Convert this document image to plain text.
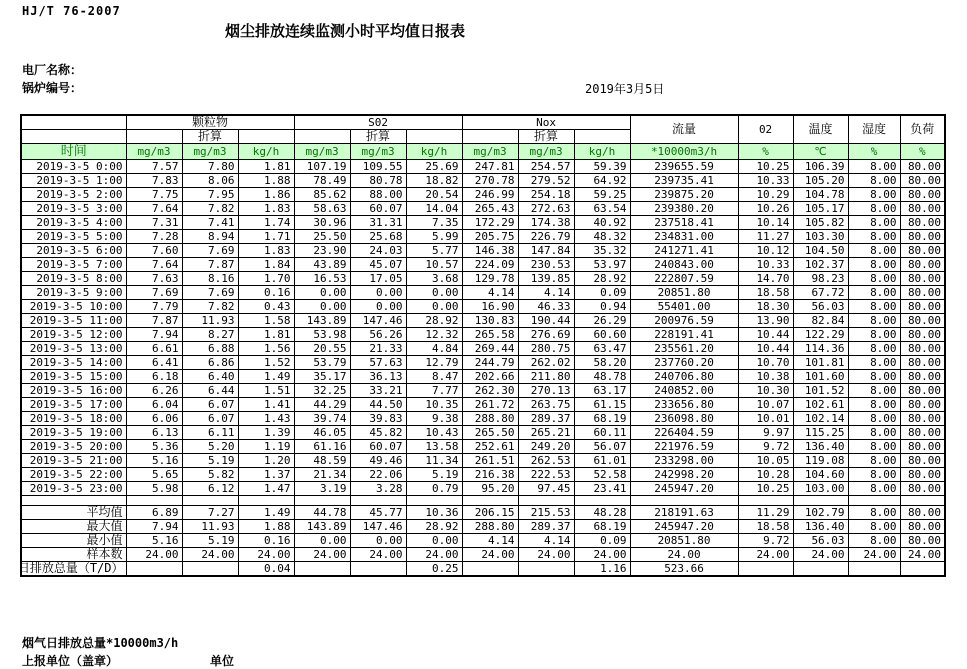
HJ/T 76-2007
烟尘排放连续监测小时平均值日报表
电厂名称：
锅炉编号：	2019年3月5日
	颗粒物			S02			Nox			流量	02	温度	湿度	负荷
		折算			折算			折算						
时间	mg/m3	mg/m3	kg/h	mg/m3	mg/m3	kg/h	mg/m3	mg/m3	kg/h	*10000m3/h	%	℃	%	%
2019-3-5 0:00	7.57	7.80	1.81	107.19	109.55	25.69	247.81	254.57	59.39	239655.59	10.25	106.39	8.00	80.00
2019-3-5 1:00	7.83	8.06	1.88	78.49	80.78	18.82	270.78	279.52	64.92	239735.41	10.33	105.20	8.00	80.00
2019-3-5 2:00	7.75	7.95	1.86	85.62	88.00	20.54	246.99	254.18	59.25	239875.20	10.29	104.78	8.00	80.00
2019-3-5 3:00	7.64	7.82	1.83	58.63	60.07	14.04	265.43	272.63	63.54	239380.20	10.26	105.17	8.00	80.00
2019-3-5 4:00	7.31	7.41	1.74	30.96	31.31	7.35	172.29	174.38	40.92	237518.41	10.14	105.82	8.00	80.00
2019-3-5 5:00	7.28	8.94	1.71	25.50	25.68	5.99	205.75	226.79	48.32	234831.00	11.27	103.30	8.00	80.00
2019-3-5 6:00	7.60	7.69	1.83	23.90	24.03	5.77	146.38	147.84	35.32	241271.41	10.12	104.50	8.00	80.00
2019-3-5 7:00	7.64	7.87	1.84	43.89	45.07	10.57	224.09	230.53	53.97	240843.00	10.33	102.37	8.00	80.00
2019-3-5 8:00	7.63	8.16	1.70	16.53	17.05	3.68	129.78	139.85	28.92	222807.59	14.70	98.23	8.00	80.00
2019-3-5 9:00	7.69	7.69	0.16	0.00	0.00	0.00	4.14	4.14	0.09	20851.80	18.58	67.72	8.00	80.00
2019-3-5 10:00	7.79	7.82	0.43	0.00	0.00	0.00	16.90	46.33	0.94	55401.00	18.30	56.03	8.00	80.00
2019-3-5 11:00	7.87	11.93	1.58	143.89	147.46	28.92	130.83	190.44	26.29	200976.59	13.90	82.84	8.00	80.00
2019-3-5 12:00	7.94	8.27	1.81	53.98	56.26	12.32	265.58	276.69	60.60	228191.41	10.44	122.29	8.00	80.00
2019-3-5 13:00	6.61	6.88	1.56	20.55	21.33	4.84	269.44	280.75	63.47	235561.20	10.44	114.36	8.00	80.00
2019-3-5 14:00	6.41	6.86	1.52	53.79	57.63	12.79	244.79	262.02	58.20	237760.20	10.70	101.81	8.00	80.00
2019-3-5 15:00	6.18	6.40	1.49	35.17	36.13	8.47	202.66	211.80	48.78	240706.80	10.38	101.60	8.00	80.00
2019-3-5 16:00	6.26	6.44	1.51	32.25	33.21	7.77	262.30	270.13	63.17	240852.00	10.30	101.52	8.00	80.00
2019-3-5 17:00	6.04	6.07	1.41	44.29	44.50	10.35	261.72	263.75	61.15	233656.80	10.07	102.61	8.00	80.00
2019-3-5 18:00	6.06	6.07	1.43	39.74	39.83	9.38	288.80	289.37	68.19	236098.80	10.01	102.14	8.00	80.00
2019-3-5 19:00	6.13	6.11	1.39	46.05	45.82	10.43	265.50	265.21	60.11	226404.59	9.97	115.25	8.00	80.00
2019-3-5 20:00	5.36	5.20	1.19	61.16	60.07	13.58	252.61	249.20	56.07	221976.59	9.72	136.40	8.00	80.00
2019-3-5 21:00	5.16	5.19	1.20	48.59	49.46	11.34	261.51	262.53	61.01	233298.00	10.05	119.08	8.00	80.00
2019-3-5 22:00	5.65	5.82	1.37	21.34	22.06	5.19	216.38	222.53	52.58	242998.20	10.28	104.60	8.00	80.00
2019-3-5 23:00	5.98	6.12	1.47	3.19	3.28	0.79	95.20	97.45	23.41	245947.20	10.25	103.00	8.00	80.00

平均值	6.89	7.27	1.49	44.78	45.77	10.36	206.15	215.53	48.28	218191.63	11.29	102.79	8.00	80.00
最大值	7.94	11.93	1.88	143.89	147.46	28.92	288.80	289.37	68.19	245947.20	18.58	136.40	8.00	80.00
最小值	5.16	5.19	0.16	0.00	0.00	0.00	4.14	4.14	0.09	20851.80	9.72	56.03	8.00	80.00
样本数	24.00	24.00	24.00	24.00	24.00	24.00	24.00	24.00	24.00	24.00	24.00	24.00	24.00	24.00

日排放总量（T/D）			0.04			0.25			1.16	523.66				
烟气日排放总量*10000m3/h
上报单位（盖章）	单位
